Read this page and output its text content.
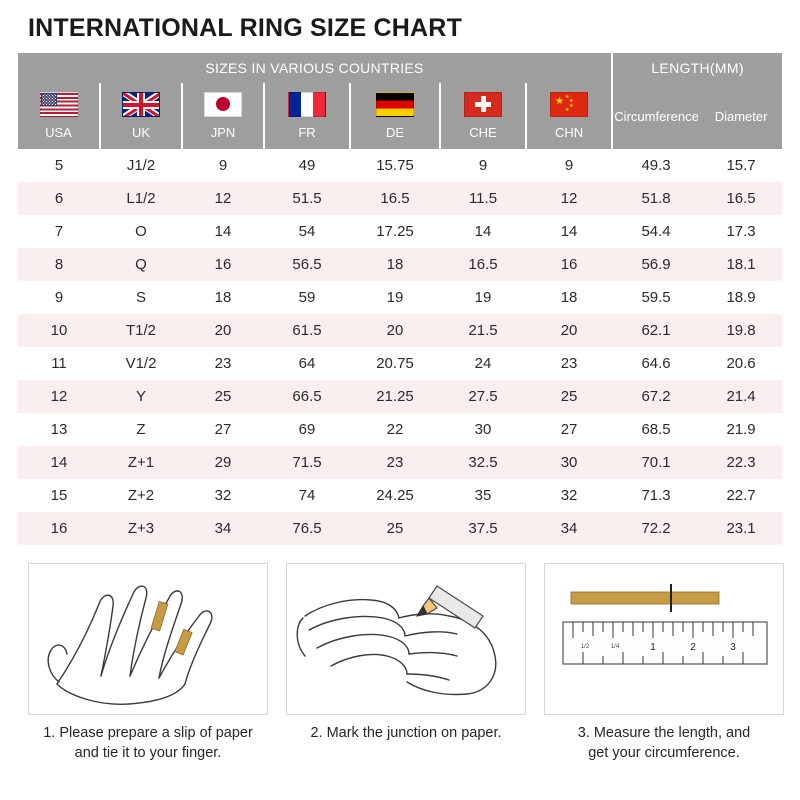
INTERNATIONAL RING SIZE CHART
SIZES IN VARIOUS COUNTRIES							LENGTH(MM)	

						★ ★
★
★
★	Circumference	Diameter
USA	UK	JPN	FR	DE	CHE	CHN		
5	J1/2	9	49	15.75	9	9	49.3	15.7
6	L1/2	12	51.5	16.5	11.5	12	51.8	16.5
7	O	14	54	17.25	14	14	54.4	17.3
8	Q	16	56.5	18	16.5	16	56.9	18.1
9	S	18	59	19	19	18	59.5	18.9
10	T1/2	20	61.5	20	21.5	20	62.1	19.8
11	V1/2	23	64	20.75	24	23	64.6	20.6
12	Y	25	66.5	21.25	27.5	25	67.2	21.4
13	Z	27	69	22	30	27	68.5	21.9
14	Z+1	29	71.5	23	32.5	30	70.1	22.3
15	Z+2	32	74	24.25	35	32	71.3	22.7
16	Z+3	34	76.5	25	37.5	34	72.2	23.1
1. Please prepare a slip of paper
and tie it to your finger.
2. Mark the junction on paper.
1	2	3
1/2	1/4
3. Measure the length, and
get your circumference.
